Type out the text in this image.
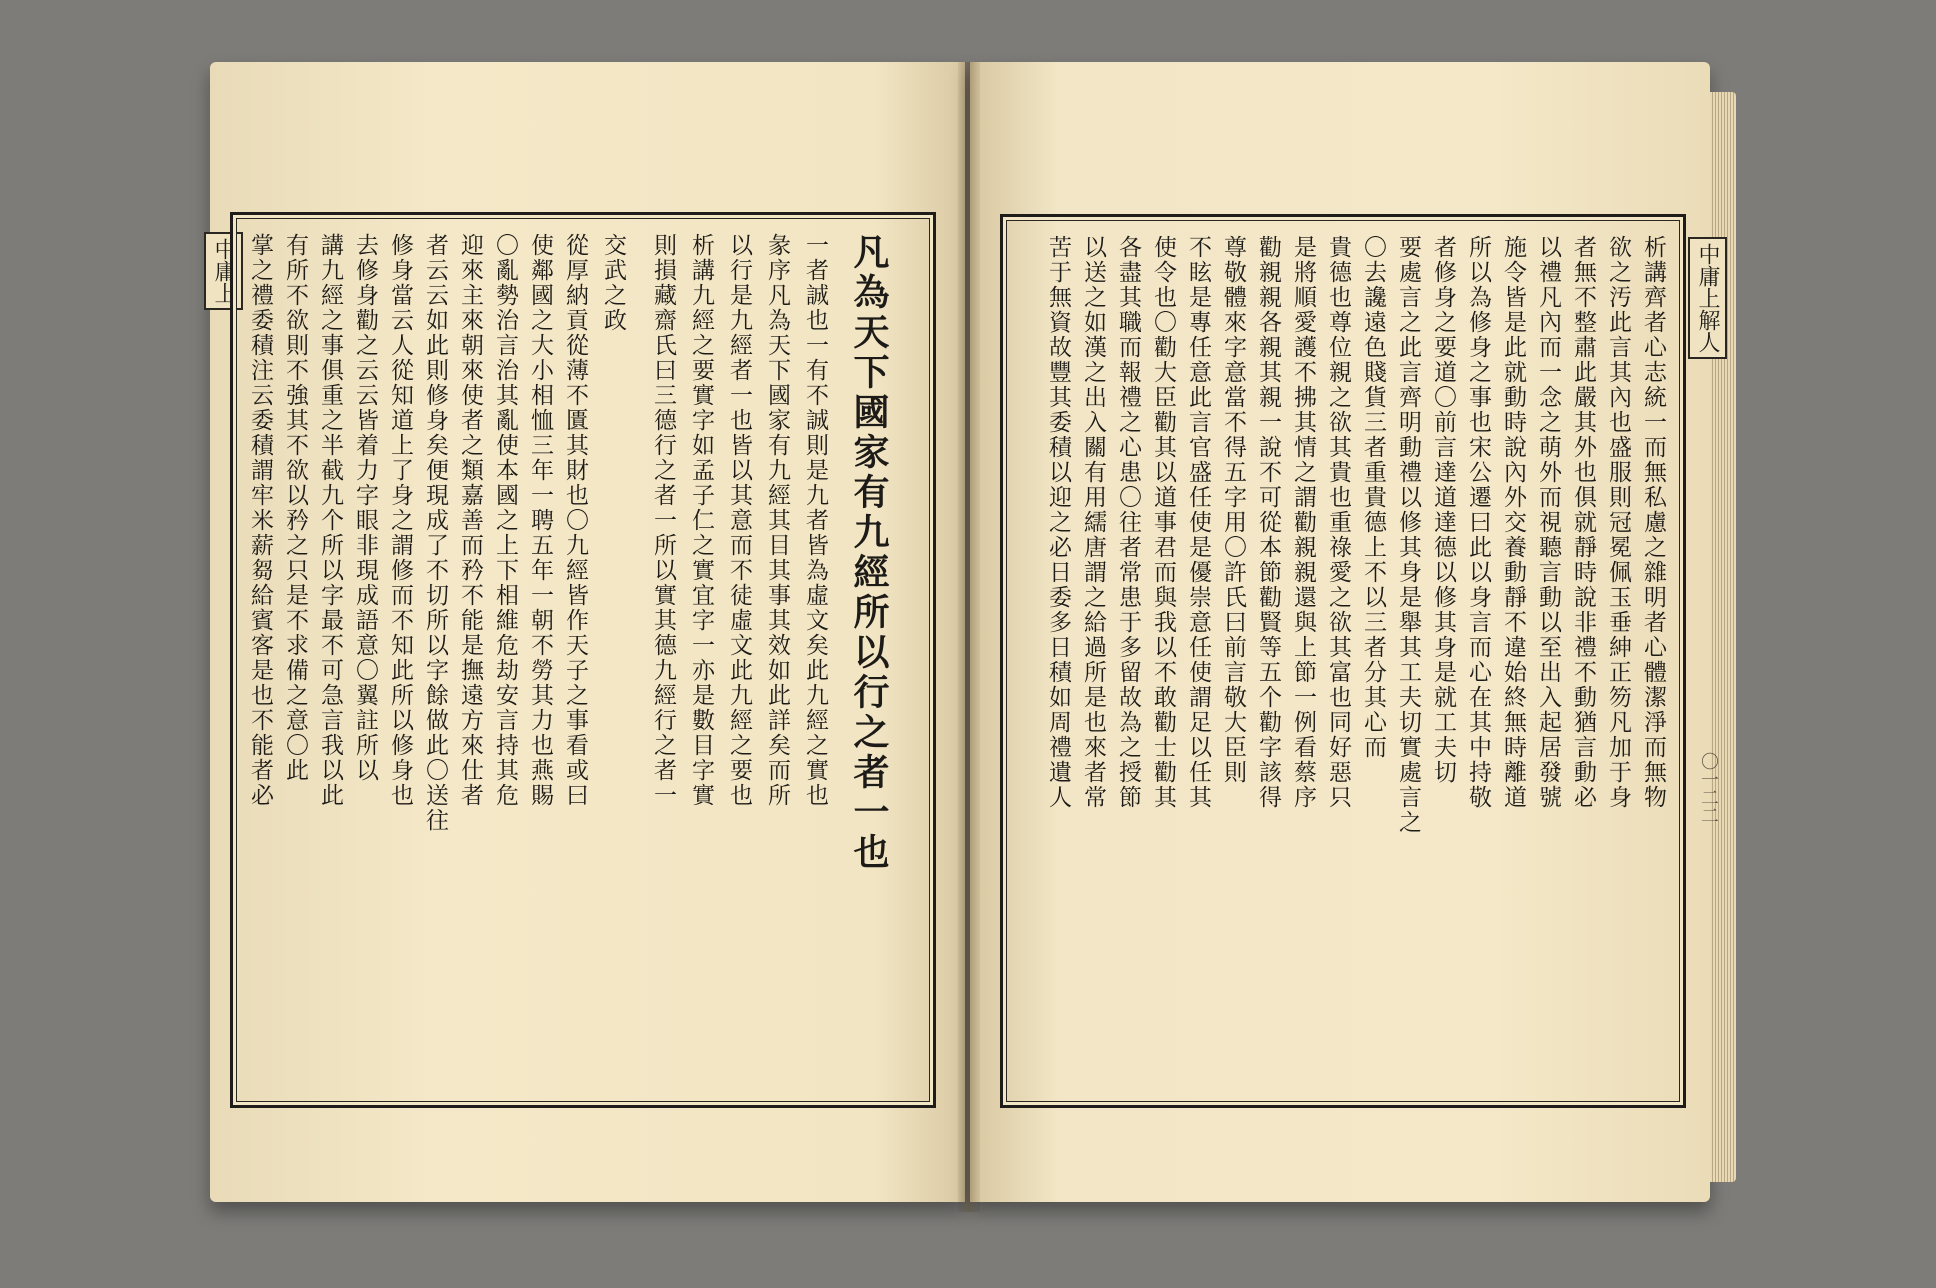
中庸上	中庸上解人
凡為天下國家有九經所以行之者一也
一者誠也一有不誠則是九者皆為虛文矣此九經之實也
彖序凡為天下國家有九經其目其事其效如此詳矣而所
以行是九經者一也皆以其意而不徒虛文此九經之要也
析講九經之要實字如孟子仁之實宜字一亦是數目字實
則損藏齋氏曰三德行之者一所以實其德九經行之者一
交武之政
從厚納貢從薄不匱其財也〇九經皆作天子之事看或曰
使鄰國之大小相恤三年一聘五年一朝不勞其力也燕賜
〇亂勢治言治其亂使本國之上下相維危劫安言持其危
迎來主來朝來使者之類嘉善而矜不能是撫遠方來仕者
者云云如此則修身矣便現成了不切所以字餘做此〇送往
修身當云人從知道上了身之謂修而不知此所以修身也
去修身勸之云云皆着力字眼非現成語意〇翼註所以
講九經之事俱重之半截九个所以字最不可急言我以此
有所不欲則不強其不欲以矜之只是不求備之意〇此
掌之禮委積注云委積謂牢米薪芻給賓客是也不能者必	析講齊者心志統一而無私慮之雜明者心體潔淨而無物
欲之汚此言其內也盛服則冠冕佩玉垂紳正笏凡加于身
者無不整肅此嚴其外也俱就靜時說非禮不動猶言動必
以禮凡內而一念之萌外而視聽言動以至出入起居發號
施令皆是此就動時說內外交養動靜不違始終無時離道
所以為修身之事也宋公遷曰此以身言而心在其中持敬
者修身之要道〇前言達道達德以修其身是就工夫切
要處言之此言齊明動禮以修其身是舉其工夫切實處言之
〇去讒遠色賤貨三者重貴德上不以三者分其心而
貴德也尊位親之欲其貴也重祿愛之欲其富也同好惡只
是將順愛護不拂其情之謂勸親親還與上節一例看蔡序
勸親親各親其親一說不可從本節勸賢等五个勸字該得
尊敬體來字意當不得五字用〇許氏曰前言敬大臣則
不眩是專任意此言官盛任使是優崇意任使謂足以任其
使令也〇勸大臣勸其以道事君而與我以不敢勸士勸其
各盡其職而報禮之心患〇往者常患于多留故為之授節
以送之如漢之出入關有用繻唐謂之給過所是也來者常
苦于無資故豐其委積以迎之必日委多日積如周禮遺人	〇一二二
